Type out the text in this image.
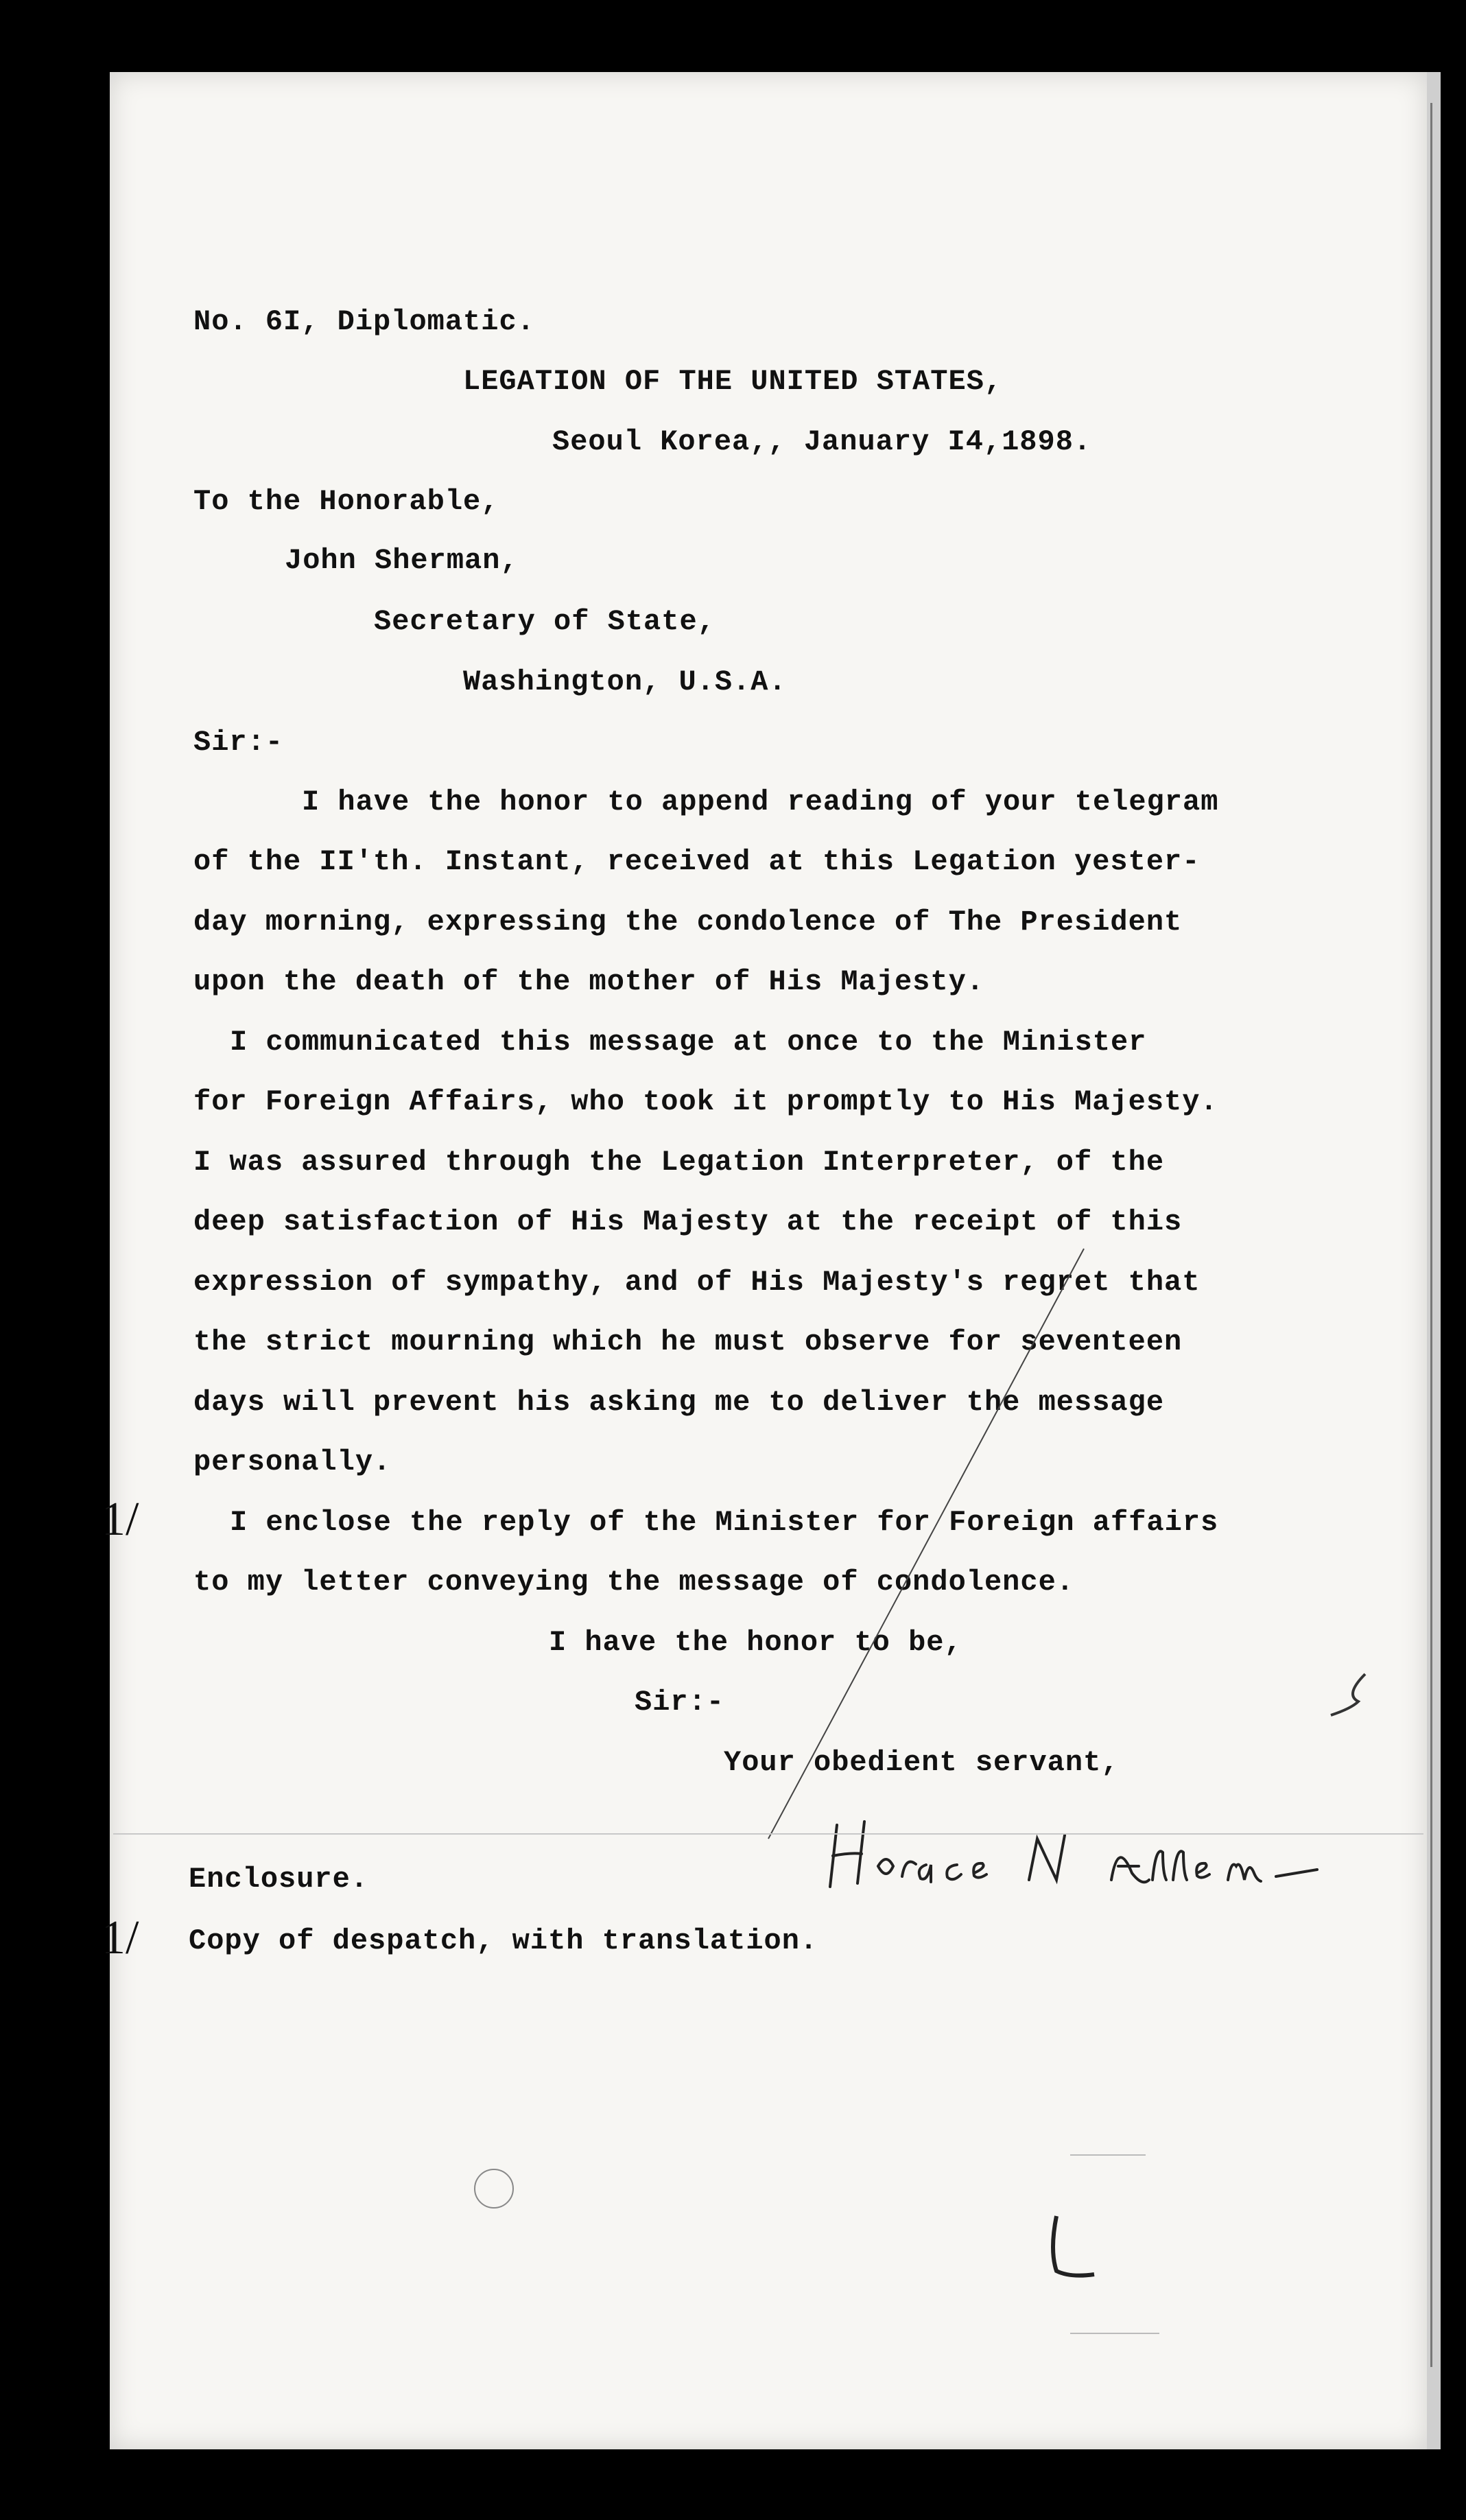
No. 6I, Diplomatic.
LEGATION OF THE UNITED STATES,
Seoul Korea,, January I4,1898.
To the Honorable,
John Sherman,
Secretary of State,
Washington, U.S.A.
Sir:-
I have the honor to append reading of your telegram
of the II'th. Instant, received at this Legation yester-
day morning, expressing the condolence of The President
upon the death of the mother of His Majesty.
I communicated this message at once to the Minister
for Foreign Affairs, who took it promptly to His Majesty.
I was assured through the Legation Interpreter, of the
deep satisfaction of His Majesty at the receipt of this
expression of sympathy, and of His Majesty's regret that
the strict mourning which he must observe for seventeen
days will prevent his asking me to deliver the message
personally.
I enclose the reply of the Minister for Foreign affairs
to my letter conveying the message of condolence.
1/
1/
I have the honor to be,
Sir:-
Your obedient servant,
Enclosure.
Copy of despatch, with translation.
